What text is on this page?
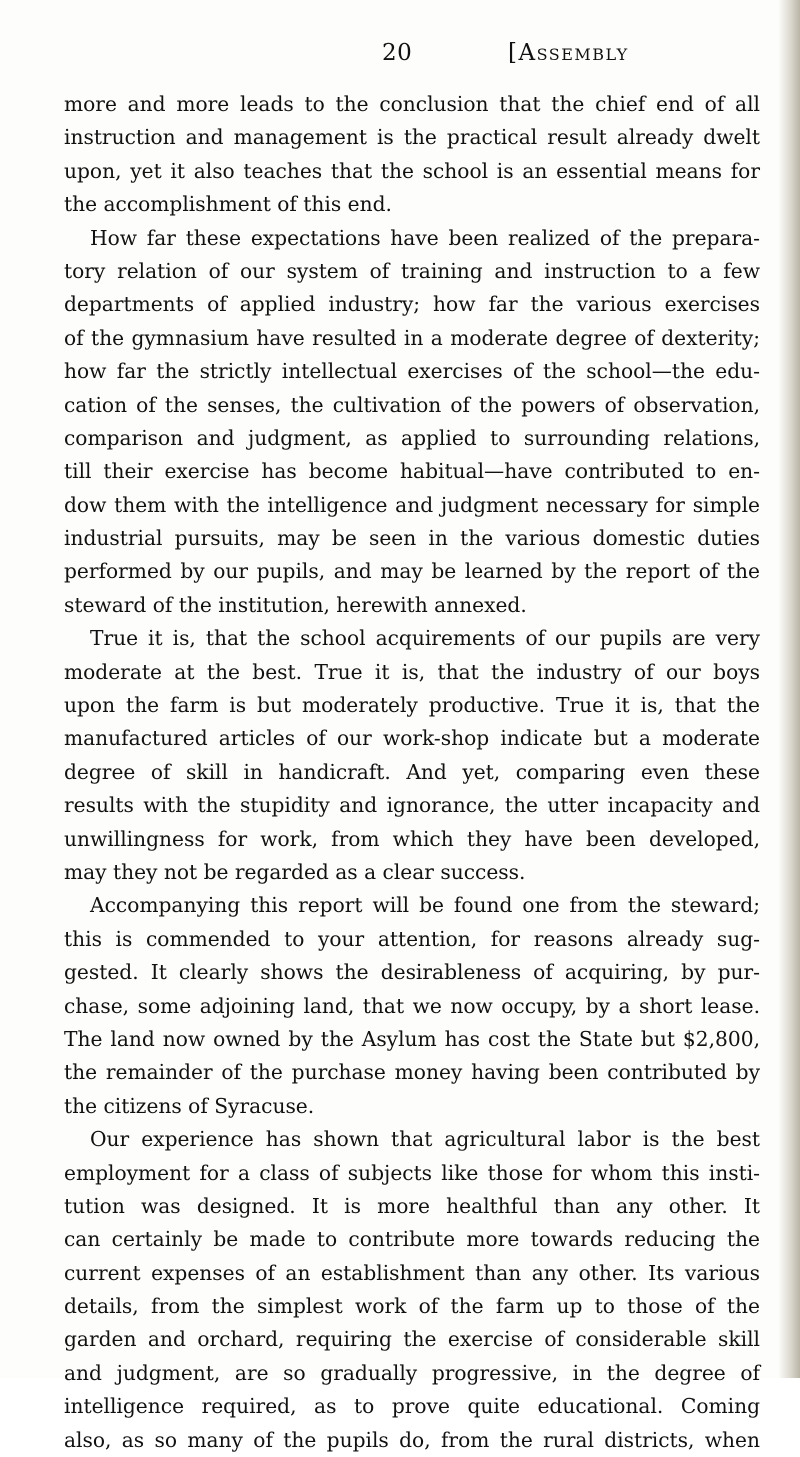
20	[Assembly
more and more leads to the conclusion that the chief end of all
instruction and management is the practical result already dwelt
upon, yet it also teaches that the school is an essential means for
the accomplishment of this end.
How far these expectations have been realized of the prepara-
tory relation of our system of training and instruction to a few
departments of applied industry; how far the various exercises
of the gymnasium have resulted in a moderate degree of dexterity;
how far the strictly intellectual exercises of the school—the edu-
cation of the senses, the cultivation of the powers of observation,
comparison and judgment, as applied to surrounding relations,
till their exercise has become habitual—have contributed to en-
dow them with the intelligence and judgment necessary for simple
industrial pursuits, may be seen in the various domestic duties
performed by our pupils, and may be learned by the report of the
steward of the institution, herewith annexed.
True it is, that the school acquirements of our pupils are very
moderate at the best. True it is, that the industry of our boys
upon the farm is but moderately productive. True it is, that the
manufactured articles of our work-shop indicate but a moderate
degree of skill in handicraft. And yet, comparing even these
results with the stupidity and ignorance, the utter incapacity and
unwillingness for work, from which they have been developed,
may they not be regarded as a clear success.
Accompanying this report will be found one from the steward;
this is commended to your attention, for reasons already sug-
gested. It clearly shows the desirableness of acquiring, by pur-
chase, some adjoining land, that we now occupy, by a short lease.
The land now owned by the Asylum has cost the State but $2,800,
the remainder of the purchase money having been contributed by
the citizens of Syracuse.
Our experience has shown that agricultural labor is the best
employment for a class of subjects like those for whom this insti-
tution was designed. It is more healthful than any other. It
can certainly be made to contribute more towards reducing the
current expenses of an establishment than any other. Its various
details, from the simplest work of the farm up to those of the
garden and orchard, requiring the exercise of considerable skill
and judgment, are so gradually progressive, in the degree of
intelligence required, as to prove quite educational. Coming
also, as so many of the pupils do, from the rural districts, when
